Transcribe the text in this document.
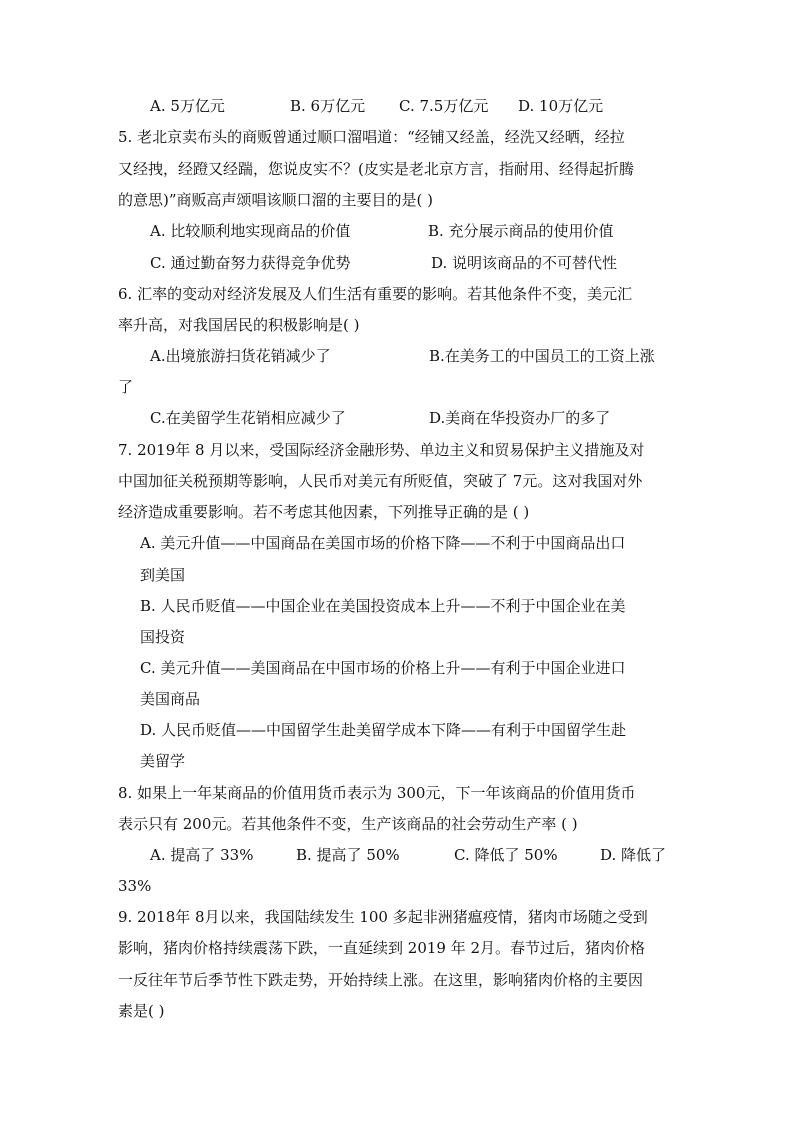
A. 5万亿元	B. 6万亿元 C. 7.5万亿元 D. 10万亿元
5. 老北京卖布头的商贩曾通过顺口溜唱道：“经铺又经盖，经洗又经晒，经拉
又经拽，经蹬又经踹，您说皮实不？(皮实是老北京方言，指耐用、经得起折腾
的意思)”商贩高声颂唱该顺口溜的主要目的是( )
A. 比较顺利地实现商品的价值	B. 充分展示商品的使用价值
C. 通过勤奋努力获得竞争优势	D. 说明该商品的不可替代性
6. 汇率的变动对经济发展及人们生活有重要的影响。若其他条件不变，美元汇
率升高，对我国居民的积极影响是( )
A.出境旅游扫货花销减少了	B.在美务工的中国员工的工资上涨
了
C.在美留学生花销相应减少了	D.美商在华投资办厂的多了
7. 2019年 8 月以来，受国际经济金融形势、单边主义和贸易保护主义措施及对
中国加征关税预期等影响，人民币对美元有所贬值，突破了 7元。这对我国对外
经济造成重要影响。若不考虑其他因素，下列推导正确的是 ( )
A. 美元升值——中国商品在美国市场的价格下降——不利于中国商品出口
到美国
B. 人民币贬值——中国企业在美国投资成本上升——不利于中国企业在美
国投资
C. 美元升值——美国商品在中国市场的价格上升——有利于中国企业进口
美国商品
D. 人民币贬值——中国留学生赴美留学成本下降——有利于中国留学生赴
美留学
8. 如果上一年某商品的价值用货币表示为 300元，下一年该商品的价值用货币
表示只有 200元。若其他条件不变，生产该商品的社会劳动生产率 ( )
A. 提高了 33%	B. 提高了 50%	C. 降低了 50%	D. 降低了
33%
9. 2018年 8月以来，我国陆续发生 100 多起非洲猪瘟疫情，猪肉市场随之受到
影响，猪肉价格持续震荡下跌，一直延续到 2019 年 2月。春节过后，猪肉价格
一反往年节后季节性下跌走势，开始持续上涨。在这里，影响猪肉价格的主要因
素是( )
